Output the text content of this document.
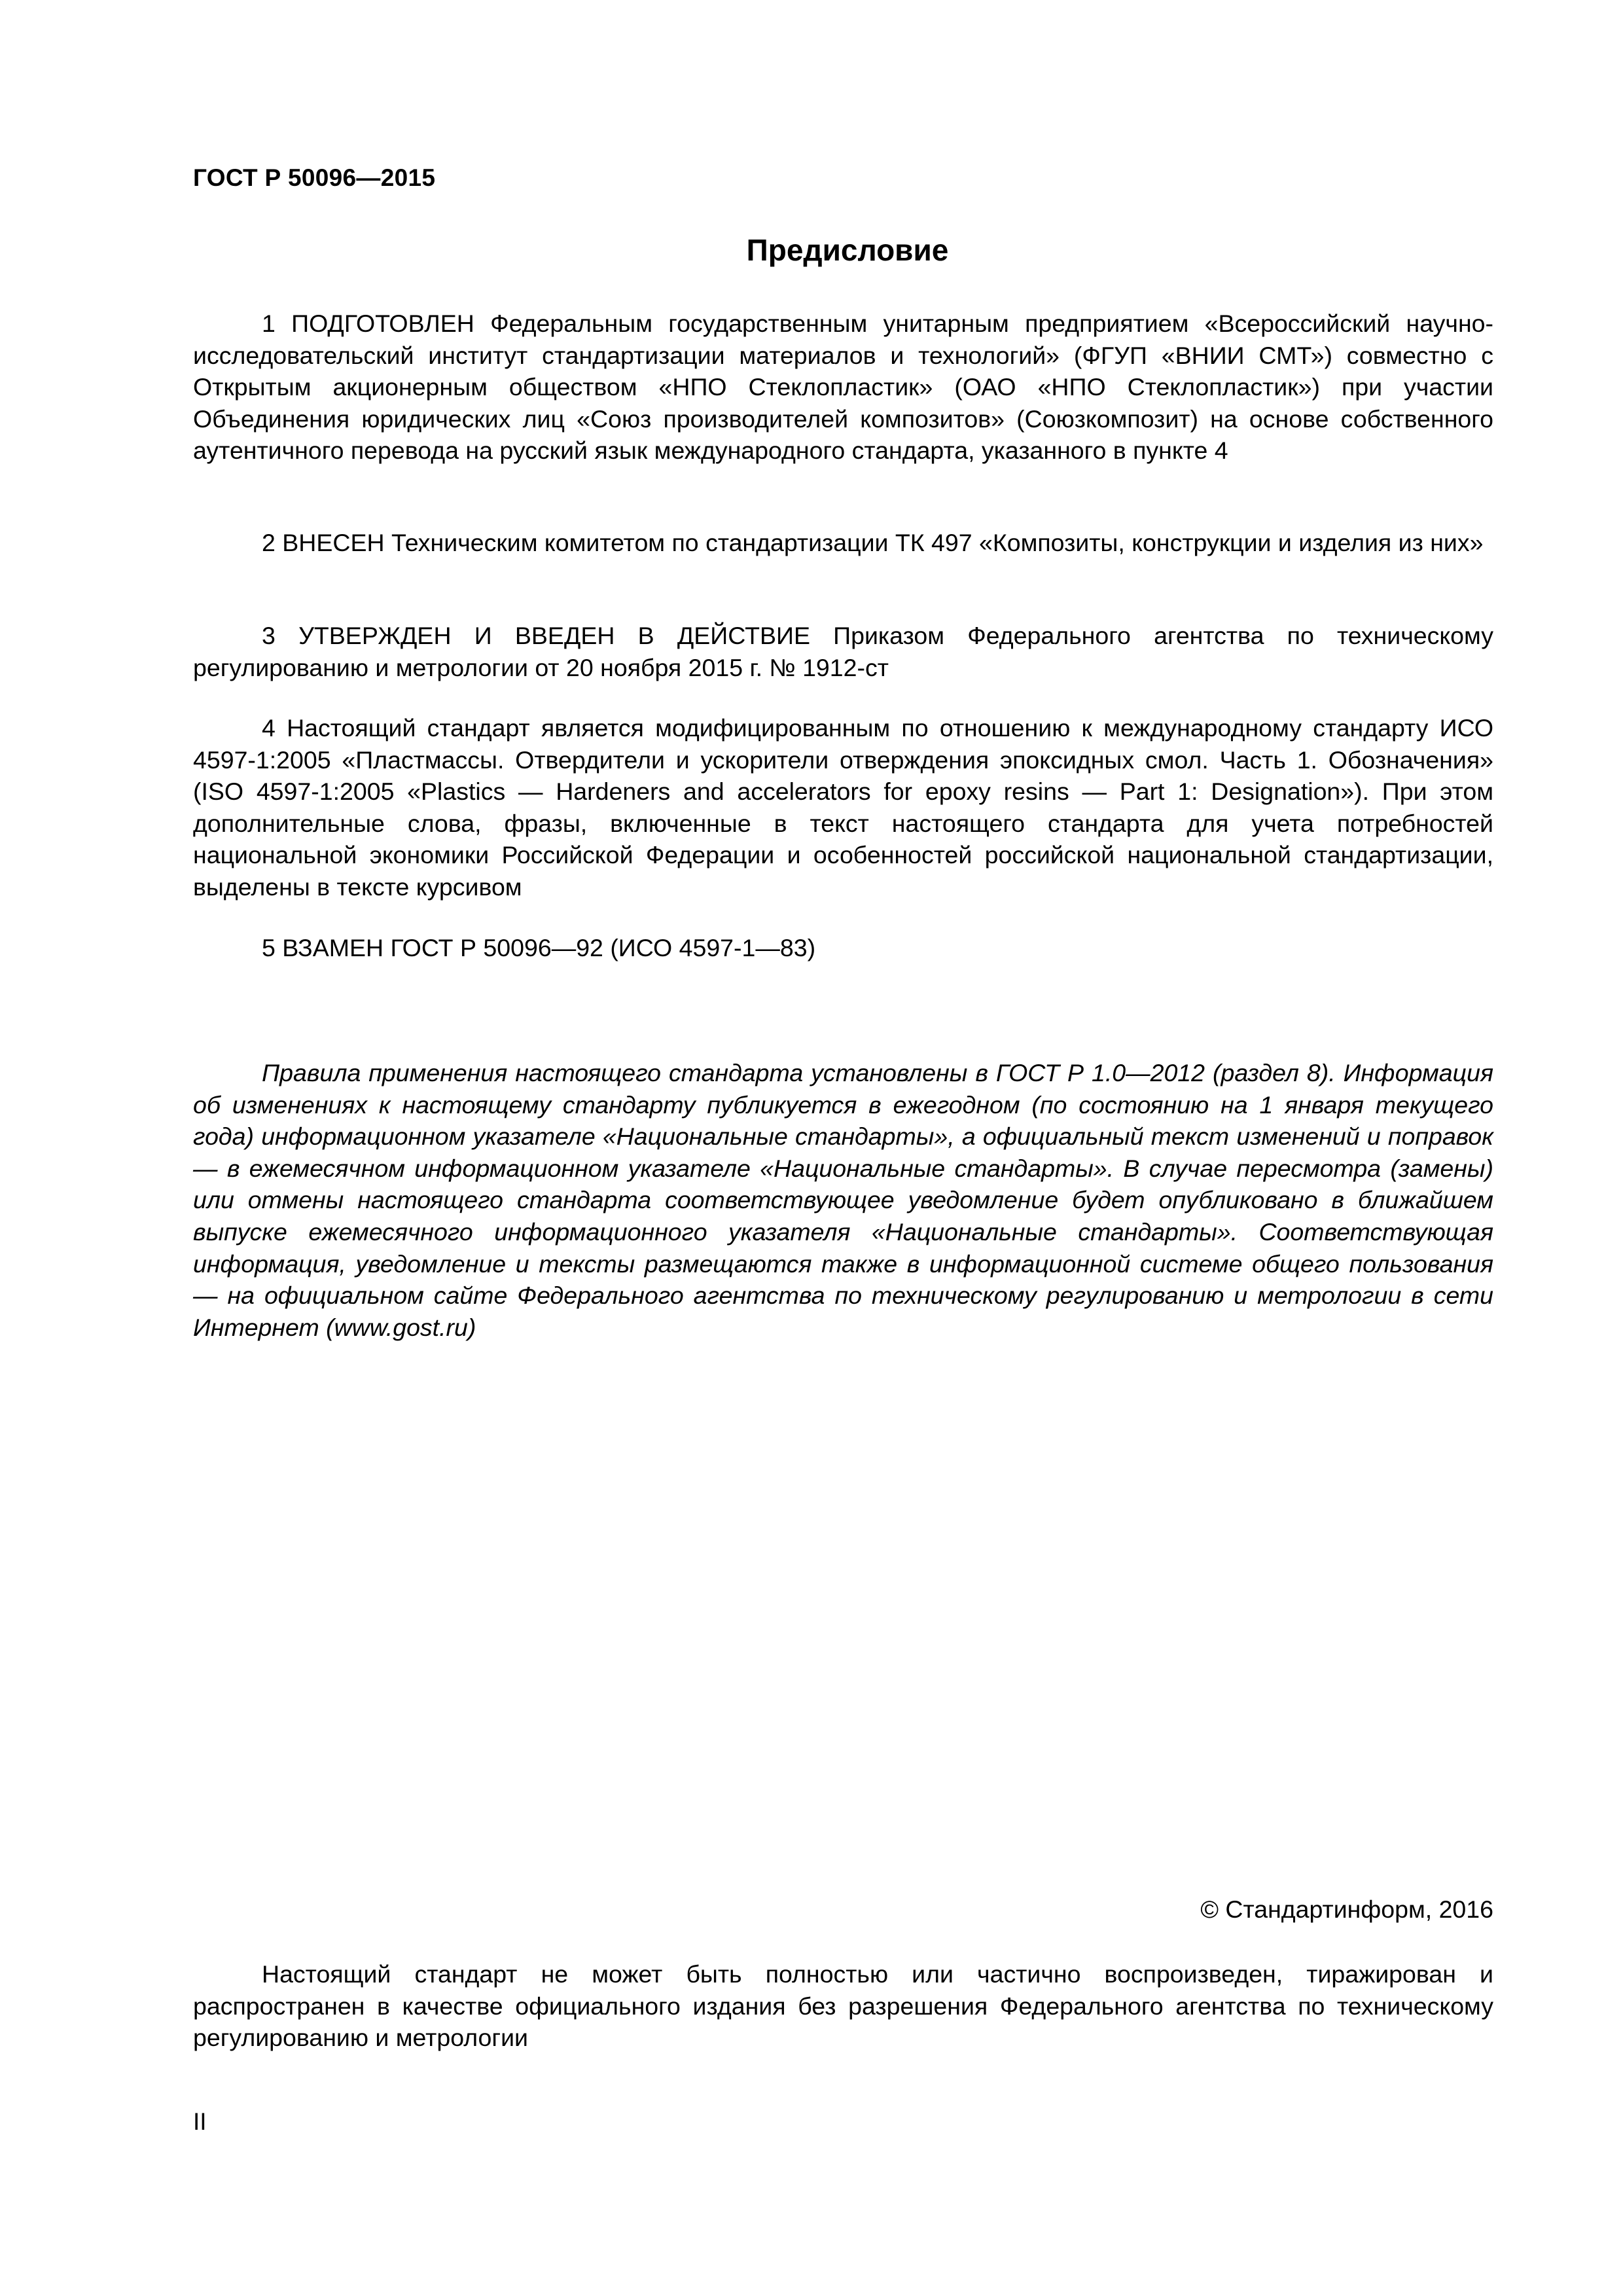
ГОСТ Р 50096—2015
Предисловие

1 ПОДГОТОВЛЕН Федеральным государственным унитарным предприятием «Всероссийский научно-исследовательский институт стандартизации материалов и технологий» (ФГУП «ВНИИ СМТ») совместно с Открытым акционерным обществом «НПО Стеклопластик» (ОАО «НПО Стеклопластик») при участии Объединения юридических лиц «Союз производителей композитов» (Союзкомпозит) на основе собственного аутентичного перевода на русский язык международного стандарта, указанного в пункте 4

2 ВНЕСЕН Техническим комитетом по стандартизации ТК 497 «Композиты, конструкции и изделия из них»

3 УТВЕРЖДЕН И ВВЕДЕН В ДЕЙСТВИЕ Приказом Федерального агентства по техническому регулированию и метрологии от 20 ноября 2015 г. № 1912-ст

4 Настоящий стандарт является модифицированным по отношению к международному стандарту ИСО 4597-1:2005 «Пластмассы. Отвердители и ускорители отверждения эпоксидных смол. Часть 1. Обозначения» (ISO 4597-1:2005 «Plastics — Hardeners and accelerators for epoxy resins — Part 1: Designation»). При этом дополнительные слова, фразы, включенные в текст настоящего стандарта для учета потребностей национальной экономики Российской Федерации и особенностей российской национальной стандартизации, выделены в тексте курсивом

5 ВЗАМЕН ГОСТ Р 50096—92 (ИСО 4597-1—83)

Правила применения настоящего стандарта установлены в ГОСТ Р 1.0—2012 (раздел 8). Информация об изменениях к настоящему стандарту публикуется в ежегодном (по состоянию на 1 января текущего года) информационном указателе «Национальные стандарты», а официальный текст изменений и поправок — в ежемесячном информационном указателе «Национальные стандарты». В случае пересмотра (замены) или отмены настоящего стандарта соответствующее уведомление будет опубликовано в ближайшем выпуске ежемесячного информационного указателя «Национальные стандарты». Соответствующая информация, уведомление и тексты размещаются также в информационной системе общего пользования — на официальном сайте Федерального агентства по техническому регулированию и метрологии в сети Интернет (www.gost.ru)

© Стандартинформ, 2016

Настоящий стандарт не может быть полностью или частично воспроизведен, тиражирован и распространен в качестве официального издания без разрешения Федерального агентства по техническому регулированию и метрологии

II
